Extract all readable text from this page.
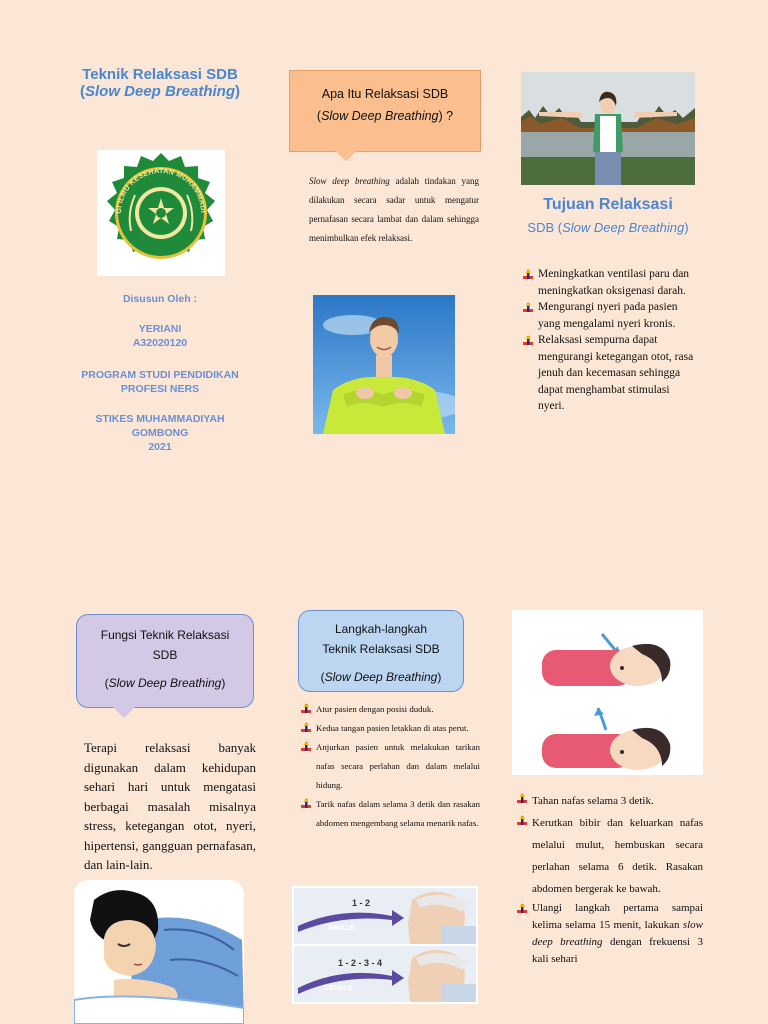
Teknik Relaksasi SDB
(Slow Deep Breathing)
GI ILMU KESEHATAN MUHAMMADI
Disusun Oleh :
YERIANI
A32020120
PROGRAM STUDI PENDIDIKAN
PROFESI NERS
STIKES MUHAMMADIYAH
GOMBONG
2021
Apa Itu Relaksasi SDB
(Slow Deep Breathing) ?
Slow deep breathing adalah tindakan yang dilakukan secara sadar untuk mengatur pernafasan secara lambat dan dalam sehingga menimbulkan efek relaksasi.
Tujuan Relaksasi
SDB (Slow Deep Breathing)
Meningkatkan ventilasi paru dan meningkatkan oksigenasi darah.
Mengurangi nyeri pada pasien yang mengalami nyeri kronis.
Relaksasi sempurna dapat mengurangi ketegangan otot, rasa jenuh dan kecemasan sehingga dapat menghambat stimulasi nyeri.
Fungsi Teknik Relaksasi
SDB
(Slow Deep Breathing)
Terapi relaksasi banyak digunakan dalam kehidupan sehari hari untuk mengatasi berbagai masalah misalnya stress, ketegangan otot, nyeri, hipertensi, gangguan pernafasan, dan lain-lain.
Langkah-langkah
Teknik Relaksasi SDB
(Slow Deep Breathing)
Atur pasien dengan posisi duduk.
Kedua tangan pasien letakkan di atas perut.
Anjurkan pasien untuk melakukan tarikan nafas secara perlahan dan dalam melalui hidung.
Tarik nafas dalam selama 3 detik dan rasakan abdomen mengembang selama menarik nafas.
1 - 2
INHALE
1 - 2 - 3 - 4
EXHALE
Tahan nafas selama 3 detik.
Kerutkan bibir dan keluarkan nafas melalui mulut, hembuskan secara perlahan selama 6 detik. Rasakan abdomen bergerak ke bawah.
Ulangi langkah pertama sampai kelima selama 15 menit, lakukan slow deep breathing dengan frekuensi 3 kali sehari
